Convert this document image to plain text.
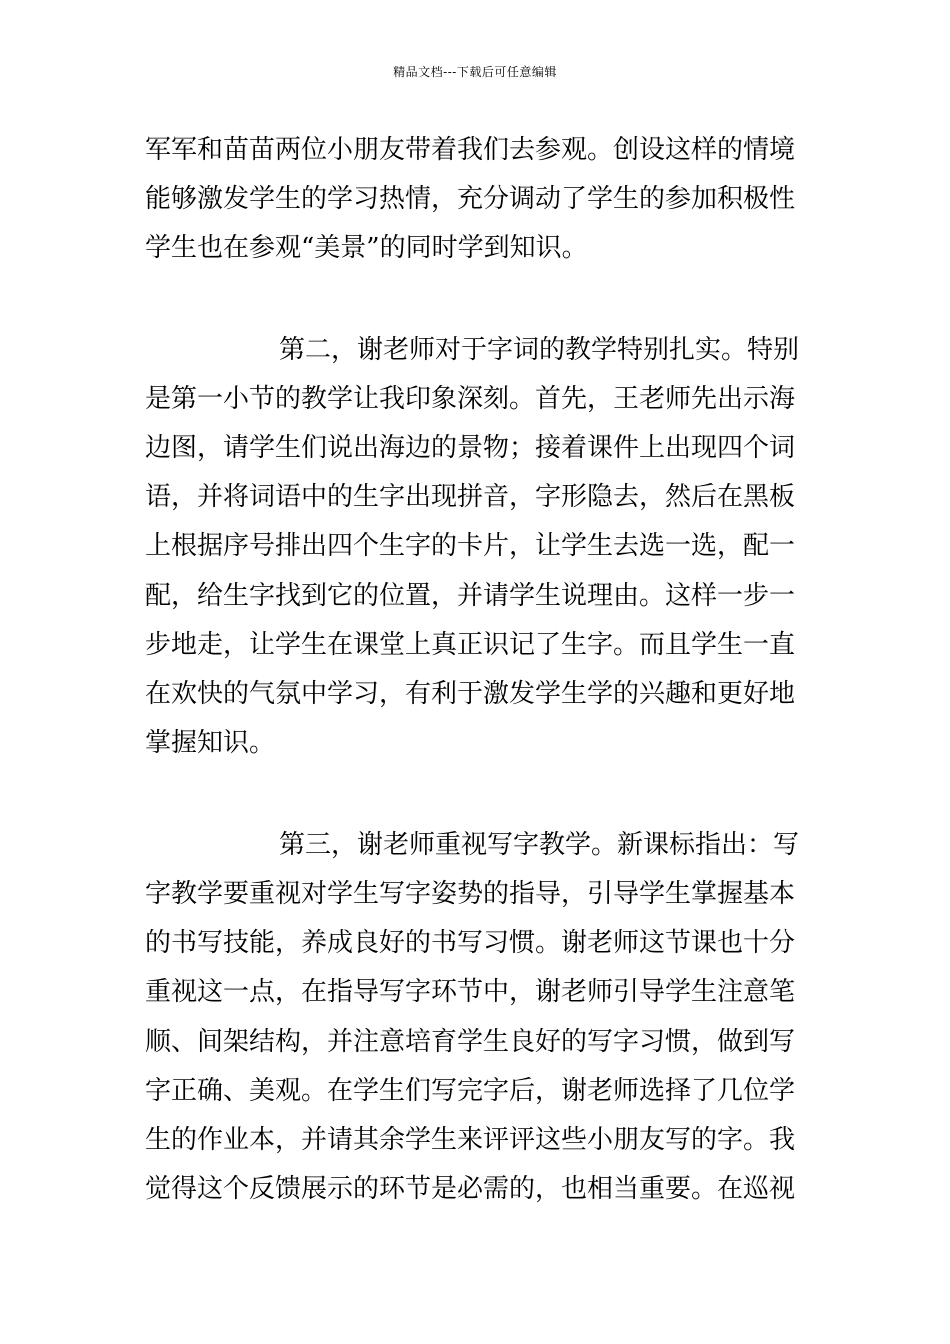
精品文档---下载后可任意编辑
军军和苗苗两位小朋友带着我们去参观。创设这样的情境
能够激发学生的学习热情，充分调动了学生的参加积极性
学生也在参观“美景”的同时学到知识。
第二，谢老师对于字词的教学特别扎实。特别
是第一小节的教学让我印象深刻。首先，王老师先出示海
边图，请学生们说出海边的景物；接着课件上出现四个词
语，并将词语中的生字出现拼音，字形隐去，然后在黑板
上根据序号排出四个生字的卡片，让学生去选一选，配一
配，给生字找到它的位置，并请学生说理由。这样一步一
步地走，让学生在课堂上真正识记了生字。而且学生一直
在欢快的气氛中学习，有利于激发学生学的兴趣和更好地
掌握知识。
第三，谢老师重视写字教学。新课标指出：写
字教学要重视对学生写字姿势的指导，引导学生掌握基本
的书写技能，养成良好的书写习惯。谢老师这节课也十分
重视这一点，在指导写字环节中，谢老师引导学生注意笔
顺、间架结构，并注意培育学生良好的写字习惯，做到写
字正确、美观。在学生们写完字后，谢老师选择了几位学
生的作业本，并请其余学生来评评这些小朋友写的字。我
觉得这个反馈展示的环节是必需的，也相当重要。在巡视
